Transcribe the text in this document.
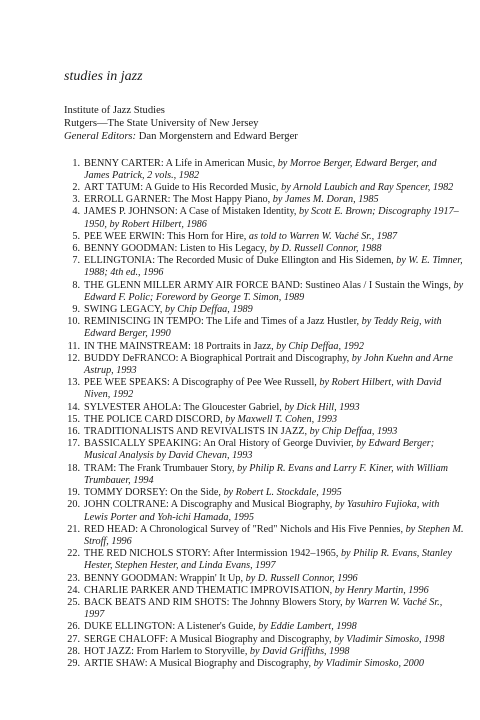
studies in jazz
Institute of Jazz Studies
Rutgers—The State University of New Jersey
General Editors: Dan Morgenstern and Edward Berger
1. BENNY CARTER: A Life in American Music, by Morroe Berger, Edward Berger, and James Patrick, 2 vols., 1982
2. ART TATUM: A Guide to His Recorded Music, by Arnold Laubich and Ray Spencer, 1982
3. ERROLL GARNER: The Most Happy Piano, by James M. Doran, 1985
4. JAMES P. JOHNSON: A Case of Mistaken Identity, by Scott E. Brown; Discography 1917–1950, by Robert Hilbert, 1986
5. PEE WEE ERWIN: This Horn for Hire, as told to Warren W. Vaché Sr., 1987
6. BENNY GOODMAN: Listen to His Legacy, by D. Russell Connor, 1988
7. ELLINGTONIA: The Recorded Music of Duke Ellington and His Sidemen, by W. E. Timner, 1988; 4th ed., 1996
8. THE GLENN MILLER ARMY AIR FORCE BAND: Sustineo Alas / I Sustain the Wings, by Edward F. Polic; Foreword by George T. Simon, 1989
9. SWING LEGACY, by Chip Deffaa, 1989
10. REMINISCING IN TEMPO: The Life and Times of a Jazz Hustler, by Teddy Reig, with Edward Berger, 1990
11. IN THE MAINSTREAM: 18 Portraits in Jazz, by Chip Deffaa, 1992
12. BUDDY DeFRANCO: A Biographical Portrait and Discography, by John Kuehn and Arne Astrup, 1993
13. PEE WEE SPEAKS: A Discography of Pee Wee Russell, by Robert Hilbert, with David Niven, 1992
14. SYLVESTER AHOLA: The Gloucester Gabriel, by Dick Hill, 1993
15. THE POLICE CARD DISCORD, by Maxwell T. Cohen, 1993
16. TRADITIONALISTS AND REVIVALISTS IN JAZZ, by Chip Deffaa, 1993
17. BASSICALLY SPEAKING: An Oral History of George Duvivier, by Edward Berger; Musical Analysis by David Chevan, 1993
18. TRAM: The Frank Trumbauer Story, by Philip R. Evans and Larry F. Kiner, with William Trumbauer, 1994
19. TOMMY DORSEY: On the Side, by Robert L. Stockdale, 1995
20. JOHN COLTRANE: A Discography and Musical Biography, by Yasuhiro Fujioka, with Lewis Porter and Yoh-ichi Hamada, 1995
21. RED HEAD: A Chronological Survey of "Red" Nichols and His Five Pennies, by Stephen M. Stroff, 1996
22. THE RED NICHOLS STORY: After Intermission 1942–1965, by Philip R. Evans, Stanley Hester, Stephen Hester, and Linda Evans, 1997
23. BENNY GOODMAN: Wrappin' It Up, by D. Russell Connor, 1996
24. CHARLIE PARKER AND THEMATIC IMPROVISATION, by Henry Martin, 1996
25. BACK BEATS AND RIM SHOTS: The Johnny Blowers Story, by Warren W. Vaché Sr., 1997
26. DUKE ELLINGTON: A Listener's Guide, by Eddie Lambert, 1998
27. SERGE CHALOFF: A Musical Biography and Discography, by Vladimir Simosko, 1998
28. HOT JAZZ: From Harlem to Storyville, by David Griffiths, 1998
29. ARTIE SHAW: A Musical Biography and Discography, by Vladimir Simosko, 2000
